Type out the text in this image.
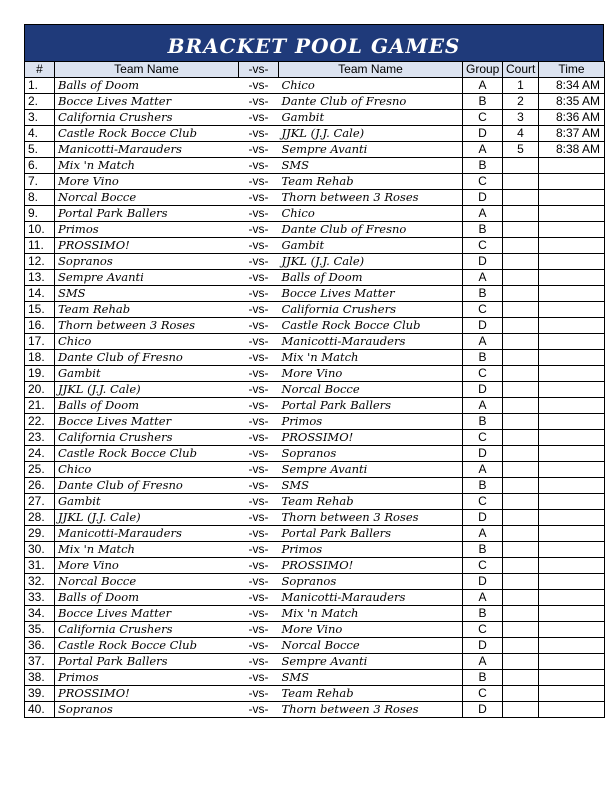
BRACKET POOL GAMES
#	Team Name	-vs-	Team Name	Group	Court	Time
1.	Balls of Doom	-vs-	Chico	A	1	8:34 AM
2.	Bocce Lives Matter	-vs-	Dante Club of Fresno	B	2	8:35 AM
3.	California Crushers	-vs-	Gambit	C	3	8:36 AM
4.	Castle Rock Bocce Club	-vs-	JJKL (J.J. Cale)	D	4	8:37 AM
5.	Manicotti-Marauders	-vs-	Sempre Avanti	A	5	8:38 AM
6.	Mix 'n Match	-vs-	SMS	B		
7.	More Vino	-vs-	Team Rehab	C		
8.	Norcal Bocce	-vs-	Thorn between 3 Roses	D		
9.	Portal Park Ballers	-vs-	Chico	A		
10.	Primos	-vs-	Dante Club of Fresno	B		
11.	PROSSIMO!	-vs-	Gambit	C		
12.	Sopranos	-vs-	JJKL (J.J. Cale)	D		
13.	Sempre Avanti	-vs-	Balls of Doom	A		
14.	SMS	-vs-	Bocce Lives Matter	B		
15.	Team Rehab	-vs-	California Crushers	C		
16.	Thorn between 3 Roses	-vs-	Castle Rock Bocce Club	D		
17.	Chico	-vs-	Manicotti-Marauders	A		
18.	Dante Club of Fresno	-vs-	Mix 'n Match	B		
19.	Gambit	-vs-	More Vino	C		
20.	JJKL (J.J. Cale)	-vs-	Norcal Bocce	D		
21.	Balls of Doom	-vs-	Portal Park Ballers	A		
22.	Bocce Lives Matter	-vs-	Primos	B		
23.	California Crushers	-vs-	PROSSIMO!	C		
24.	Castle Rock Bocce Club	-vs-	Sopranos	D		
25.	Chico	-vs-	Sempre Avanti	A		
26.	Dante Club of Fresno	-vs-	SMS	B		
27.	Gambit	-vs-	Team Rehab	C		
28.	JJKL (J.J. Cale)	-vs-	Thorn between 3 Roses	D		
29.	Manicotti-Marauders	-vs-	Portal Park Ballers	A		
30.	Mix 'n Match	-vs-	Primos	B		
31.	More Vino	-vs-	PROSSIMO!	C		
32.	Norcal Bocce	-vs-	Sopranos	D		
33.	Balls of Doom	-vs-	Manicotti-Marauders	A		
34.	Bocce Lives Matter	-vs-	Mix 'n Match	B		
35.	California Crushers	-vs-	More Vino	C		
36.	Castle Rock Bocce Club	-vs-	Norcal Bocce	D		
37.	Portal Park Ballers	-vs-	Sempre Avanti	A		
38.	Primos	-vs-	SMS	B		
39.	PROSSIMO!	-vs-	Team Rehab	C		
40.	Sopranos	-vs-	Thorn between 3 Roses	D		
